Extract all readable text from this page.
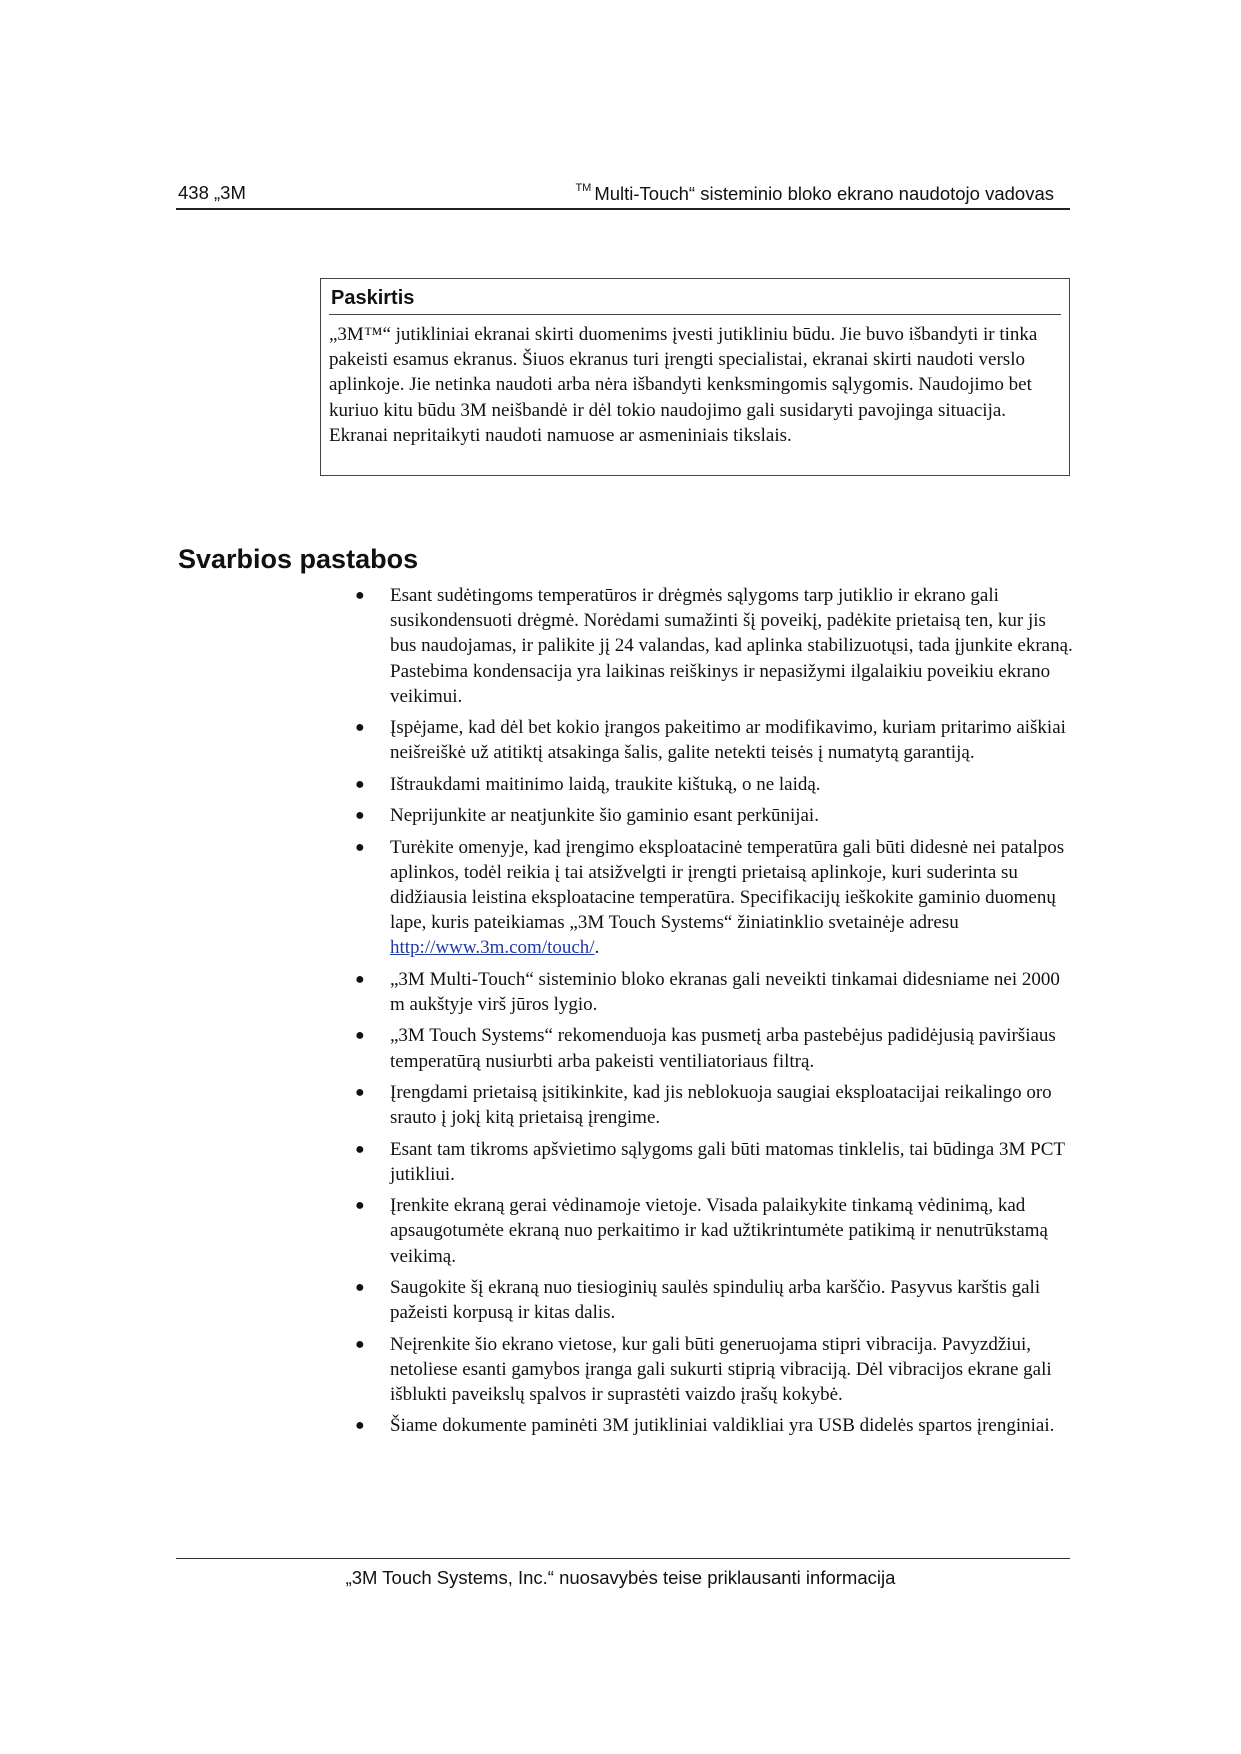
438 „3M	™ Multi-Touch“ sisteminio bloko ekrano naudotojo vadovas
Paskirtis
„3M™“ jutikliniai ekranai skirti duomenims įvesti jutikliniu būdu. Jie buvo išbandyti ir tinka pakeisti esamus ekranus. Šiuos ekranus turi įrengti specialistai, ekranai skirti naudoti verslo aplinkoje. Jie netinka naudoti arba nėra išbandyti kenksmingomis sąlygomis. Naudojimo bet kuriuo kitu būdu 3M neišbandė ir dėl tokio naudojimo gali susidaryti pavojinga situacija. Ekranai nepritaikyti naudoti namuose ar asmeniniais tikslais.
Svarbios pastabos
● Esant sudėtingoms temperatūros ir drėgmės sąlygoms tarp jutiklio ir ekrano gali susikondensuoti drėgmė. Norėdami sumažinti šį poveikį, padėkite prietaisą ten, kur jis bus naudojamas, ir palikite jį 24 valandas, kad aplinka stabilizuotųsi, tada įjunkite ekraną. Pastebima kondensacija yra laikinas reiškinys ir nepasižymi ilgalaikiu poveikiu ekrano veikimui.
● Įspėjame, kad dėl bet kokio įrangos pakeitimo ar modifikavimo, kuriam pritarimo aiškiai neišreiškė už atitiktį atsakinga šalis, galite netekti teisės į numatytą garantiją.
● Ištraukdami maitinimo laidą, traukite kištuką, o ne laidą.
● Neprijunkite ar neatjunkite šio gaminio esant perkūnijai.
● Turėkite omenyje, kad įrengimo eksploatacinė temperatūra gali būti didesnė nei patalpos aplinkos, todėl reikia į tai atsižvelgti ir įrengti prietaisą aplinkoje, kuri suderinta su didžiausia leistina eksploatacine temperatūra. Specifikacijų ieškokite gaminio duomenų lape, kuris pateikiamas „3M Touch Systems“ žiniatinklio svetainėje adresu http://www.3m.com/touch/.
● „3M Multi-Touch“ sisteminio bloko ekranas gali neveikti tinkamai didesniame nei 2000 m aukštyje virš jūros lygio.
● „3M Touch Systems“ rekomenduoja kas pusmetį arba pastebėjus padidėjusią paviršiaus temperatūrą nusiurbti arba pakeisti ventiliatoriaus filtrą.
● Įrengdami prietaisą įsitikinkite, kad jis neblokuoja saugiai eksploatacijai reikalingo oro srauto į jokį kitą prietaisą įrengime.
● Esant tam tikroms apšvietimo sąlygoms gali būti matomas tinklelis, tai būdinga 3M PCT jutikliui.
● Įrenkite ekraną gerai vėdinamoje vietoje. Visada palaikykite tinkamą vėdinimą, kad apsaugotumėte ekraną nuo perkaitimo ir kad užtikrintumėte patikimą ir nenutrūkstamą veikimą.
● Saugokite šį ekraną nuo tiesioginių saulės spindulių arba karščio. Pasyvus karštis gali pažeisti korpusą ir kitas dalis.
● Neįrenkite šio ekrano vietose, kur gali būti generuojama stipri vibracija. Pavyzdžiui, netoliese esanti gamybos įranga gali sukurti stiprią vibraciją. Dėl vibracijos ekrane gali išblukti paveikslų spalvos ir suprastėti vaizdo įrašų kokybė.
● Šiame dokumente paminėti 3M jutikliniai valdikliai yra USB didelės spartos įrenginiai.
„3M Touch Systems, Inc.“ nuosavybės teise priklausanti informacija
